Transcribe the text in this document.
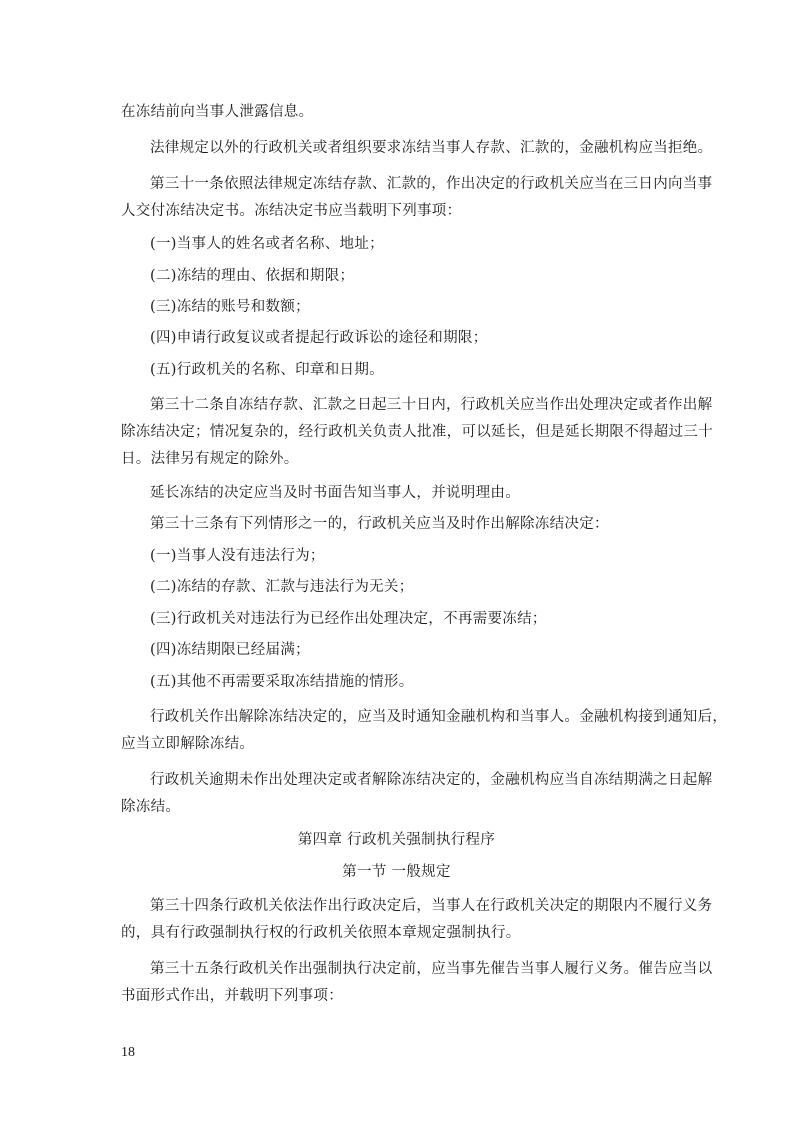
在冻结前向当事人泄露信息。
法律规定以外的行政机关或者组织要求冻结当事人存款、汇款的，金融机构应当拒绝。
第三十一条依照法律规定冻结存款、汇款的，作出决定的行政机关应当在三日内向当事
人交付冻结决定书。冻结决定书应当载明下列事项：
(一)当事人的姓名或者名称、地址；
(二)冻结的理由、依据和期限；
(三)冻结的账号和数额；
(四)申请行政复议或者提起行政诉讼的途径和期限；
(五)行政机关的名称、印章和日期。
第三十二条自冻结存款、汇款之日起三十日内，行政机关应当作出处理决定或者作出解
除冻结决定；情况复杂的，经行政机关负责人批准，可以延长，但是延长期限不得超过三十
日。法律另有规定的除外。
延长冻结的决定应当及时书面告知当事人，并说明理由。
第三十三条有下列情形之一的，行政机关应当及时作出解除冻结决定：
(一)当事人没有违法行为；
(二)冻结的存款、汇款与违法行为无关；
(三)行政机关对违法行为已经作出处理决定，不再需要冻结；
(四)冻结期限已经届满；
(五)其他不再需要采取冻结措施的情形。
行政机关作出解除冻结决定的，应当及时通知金融机构和当事人。金融机构接到通知后，
应当立即解除冻结。
行政机关逾期未作出处理决定或者解除冻结决定的，金融机构应当自冻结期满之日起解
除冻结。
第四章 行政机关强制执行程序
第一节 一般规定
第三十四条行政机关依法作出行政决定后，当事人在行政机关决定的期限内不履行义务
的，具有行政强制执行权的行政机关依照本章规定强制执行。
第三十五条行政机关作出强制执行决定前，应当事先催告当事人履行义务。催告应当以
书面形式作出，并载明下列事项：
18
